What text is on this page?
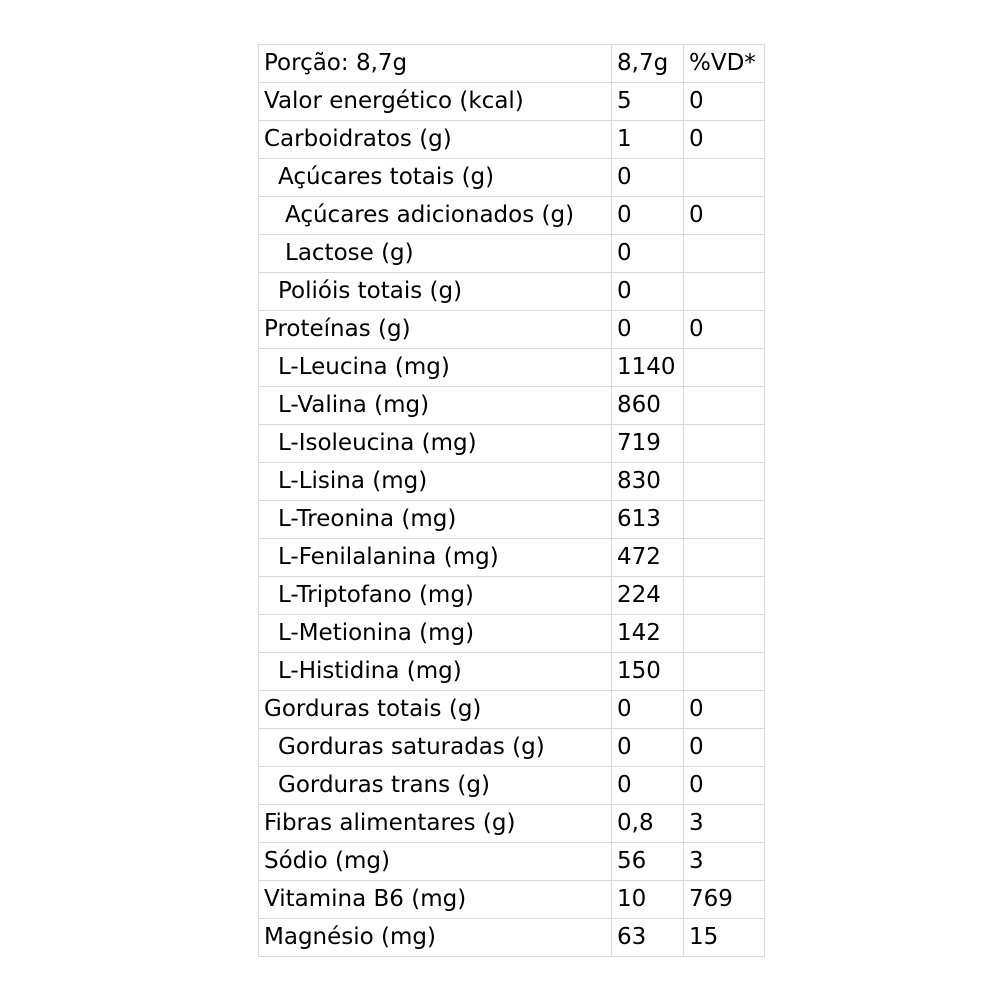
Porção: 8,7g	8,7g	%VD*
Valor energético (kcal)	5	0
Carboidratos (g)	1	0
Açúcares totais (g)	0	
Açúcares adicionados (g)	0	0
Lactose (g)	0	
Polióis totais (g)	0	
Proteínas (g)	0	0
L-Leucina (mg)	1140	
L-Valina (mg)	860	
L-Isoleucina (mg)	719	
L-Lisina (mg)	830	
L-Treonina (mg)	613	
L-Fenilalanina (mg)	472	
L-Triptofano (mg)	224	
L-Metionina (mg)	142	
L-Histidina (mg)	150	
Gorduras totais (g)	0	0
Gorduras saturadas (g)	0	0
Gorduras trans (g)	0	0
Fibras alimentares (g)	0,8	3
Sódio (mg)	56	3
Vitamina B6 (mg)	10	769
Magnésio (mg)	63	15
